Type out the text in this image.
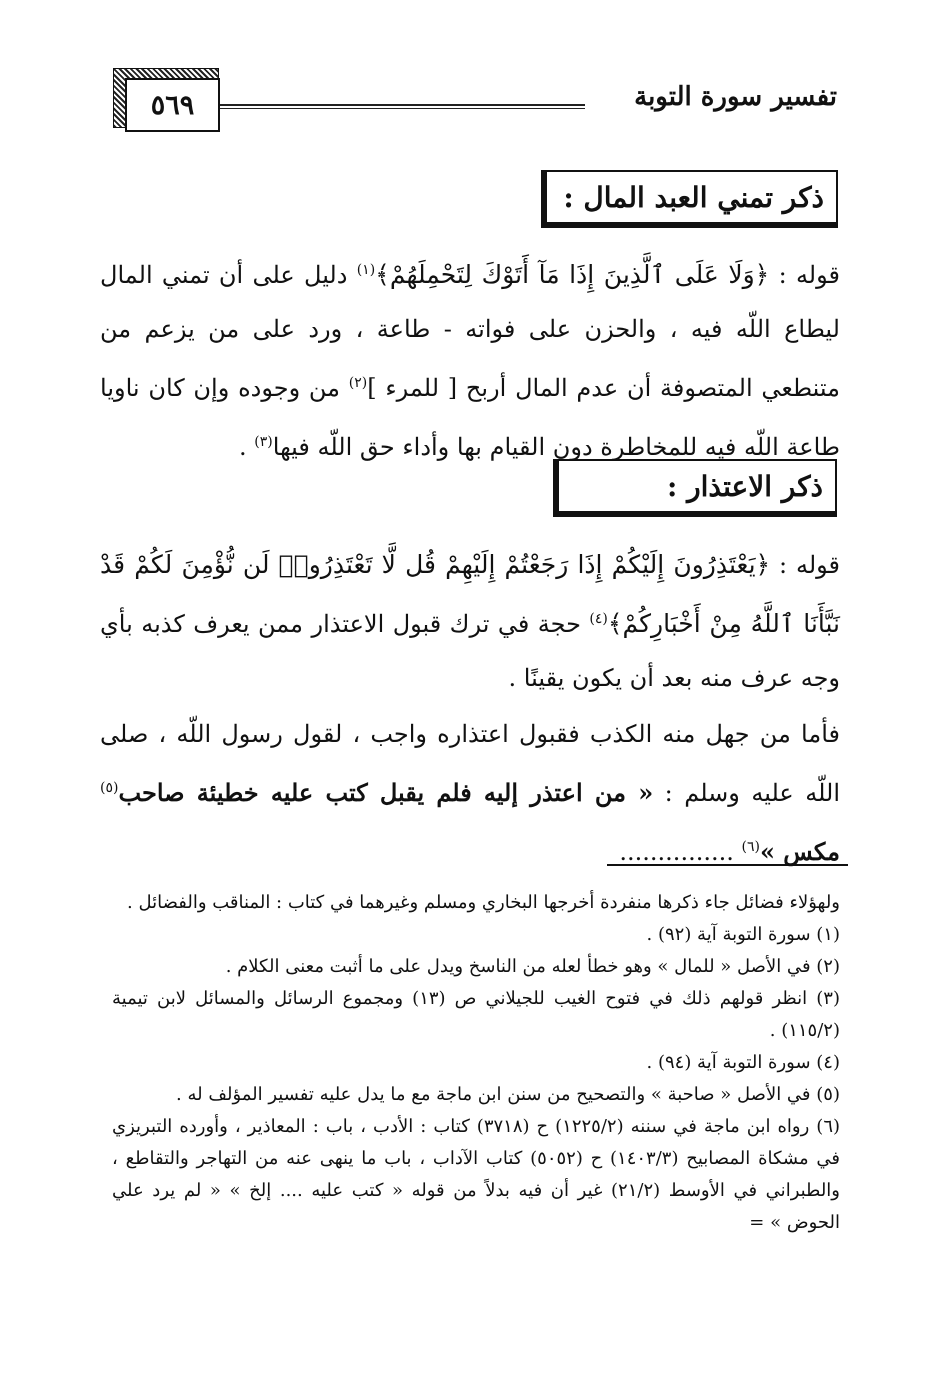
تفسير سورة التوبة
٥٦٩
ذكر تمني العبد المال :

قوله : ﴿وَلَا عَلَى ٱلَّذِينَ إِذَا مَآ أَتَوْكَ لِتَحْمِلَهُمْ﴾$^{(١)}$ دليل على أن تمني المال ليطاع اللّه فيه ، والحزن على فواته - طاعة ، ورد على من يزعم من متنطعي المتصوفة أن عدم المال أربح [ للمرء ]$^{(٢)}$ من وجوده وإن كان ناويا طاعة اللّه فيه للمخاطرة دون القيام بها وأداء حق اللّه فيها$^{(٣)}$ .

ذكر الاعتذار :

قوله : ﴿يَعْتَذِرُونَ إِلَيْكُمْ إِذَا رَجَعْتُمْ إِلَيْهِمْ قُل لَّا تَعْتَذِرُوا۟ لَن نُّؤْمِنَ لَكُمْ قَدْ نَبَّأَنَا ٱللَّهُ مِنْ أَخْبَارِكُمْ﴾$^{(٤)}$ حجة في ترك قبول الاعتذار ممن يعرف كذبه بأي وجه عرف منه بعد أن يكون يقينًا .

فأما من جهل منه الكذب فقبول اعتذاره واجب ، لقول رسول اللّه ، صلى اللّه عليه وسلم : « من اعتذر إليه فلم يقبل كتب عليه خطيئة صاحب$^{(٥)}$ مكس »$^{(٦)}$ ...............

ولهؤلاء فضائل جاء ذكرها منفردة أخرجها البخاري ومسلم وغيرهما في كتاب : المناقب والفضائل .

(١) سورة التوبة آية (٩٢) .

(٢) في الأصل « للمال » وهو خطأ لعله من الناسخ ويدل على ما أثبت معنى الكلام .

(٣) انظر قولهم ذلك في فتوح الغيب للجيلاني ص (١٣) ومجموع الرسائل والمسائل لابن تيمية (١١٥/٢) .

(٤) سورة التوبة آية (٩٤) .

(٥) في الأصل « صاحبة » والتصحيح من سنن ابن ماجة مع ما يدل عليه تفسير المؤلف له .

(٦) رواه ابن ماجة في سننه (١٢٢٥/٢) ح (٣٧١٨) كتاب : الأدب ، باب : المعاذير ، وأورده التبريزي في مشكاة المصابيح (١٤٠٣/٣) ح (٥٠٥٢) كتاب الآداب ، باب ما ينهى عنه من التهاجر والتقاطع ، والطبراني في الأوسط (٢١/٢) غير أن فيه بدلاً من قوله « كتب عليه .... إلخ » « لم يرد علي الحوض » =
